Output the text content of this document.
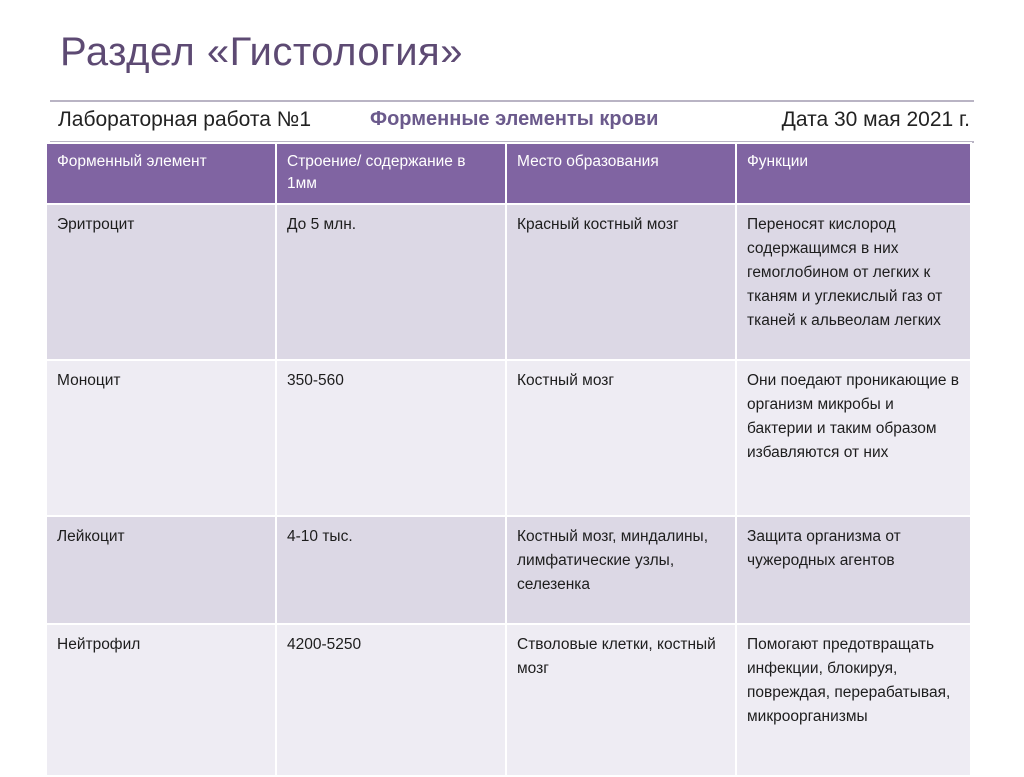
Раздел «Гистология»
Лабораторная работа №1	Форменные элементы крови	Дата 30 мая 2021 г.
Форменный элемент	Строение/ содержание в 1мм	Место образования	Функции
Эритроцит	До 5 млн.	Красный костный мозг	Переносят кислород содержащимся в них гемоглобином от легких к тканям и углекислый газ от тканей к альвеолам легких
Моноцит	350-560	Костный мозг	Они поедают проникающие в организм микробы и бактерии и таким образом избавляются от них
Лейкоцит	4-10 тыс.	Костный мозг, миндалины, лимфатические узлы, селезенка	Защита организма от чужеродных агентов
Нейтрофил	4200-5250	Стволовые клетки, костный мозг	Помогают предотвращать инфекции, блокируя, повреждая, перерабатывая, микроорганизмы
